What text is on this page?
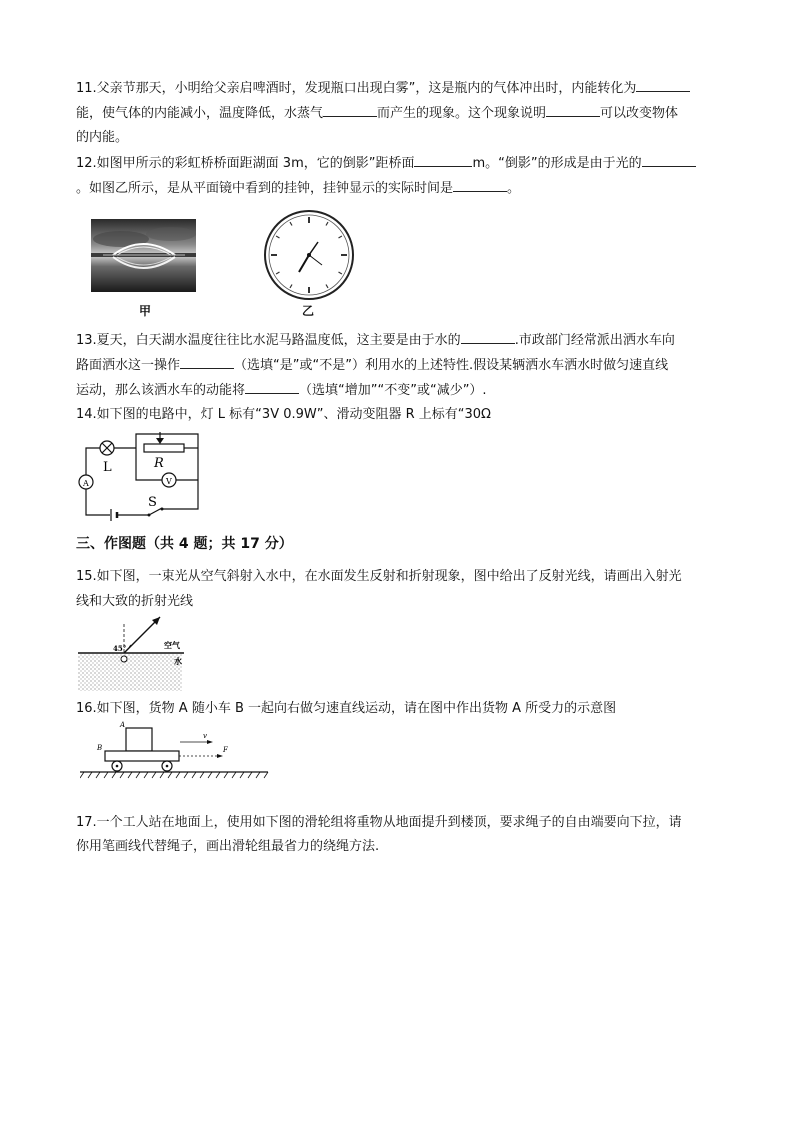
11.父亲节那天，小明给父亲启啤酒时，发现瓶口出现白雾”，这是瓶内的气体冲出时，内能转化为
能，使气体的内能减小，温度降低，水蒸气	而产生的现象。这个现象说明	可以改变物体
的内能。
12.如图甲所示的彩虹桥桥面距湖面 3m，它的倒影”距桥面	m。“倒影”的形成是由于光的
。如图乙所示，是从平面镜中看到的挂钟，挂钟显示的实际时间是	。
甲	乙
13.夏天，白天湖水温度往往比水泥马路温度低，这主要是由于水的	.市政部门经常派出洒水车向
路面洒水这一操作	（选填“是”或“不是”）利用水的上述特性.假设某辆洒水车洒水时做匀速直线
运动，那么该洒水车的动能将	（选填“增加”“不变”或“减少”）.
14.如下图的电路中，灯 L 标有“3V 0.9W”、滑动变阻器 R 上标有“30Ω
A	V
L	R
S
三、作图题（共 4 题；共 17 分）
15.如下图，一束光从空气斜射入水中，在水面发生反射和折射现象，图中给出了反射光线，请画出入射光
线和大致的折射光线
45°	空气
水
16.如下图，货物 A 随小车 B 一起向右做匀速直线运动，请在图中作出货物 A 所受力的示意图
A
B
v
F
17.一个工人站在地面上，使用如下图的滑轮组将重物从地面提升到楼顶，要求绳子的自由端要向下拉，请
你用笔画线代替绳子，画出滑轮组最省力的绕绳方法.
